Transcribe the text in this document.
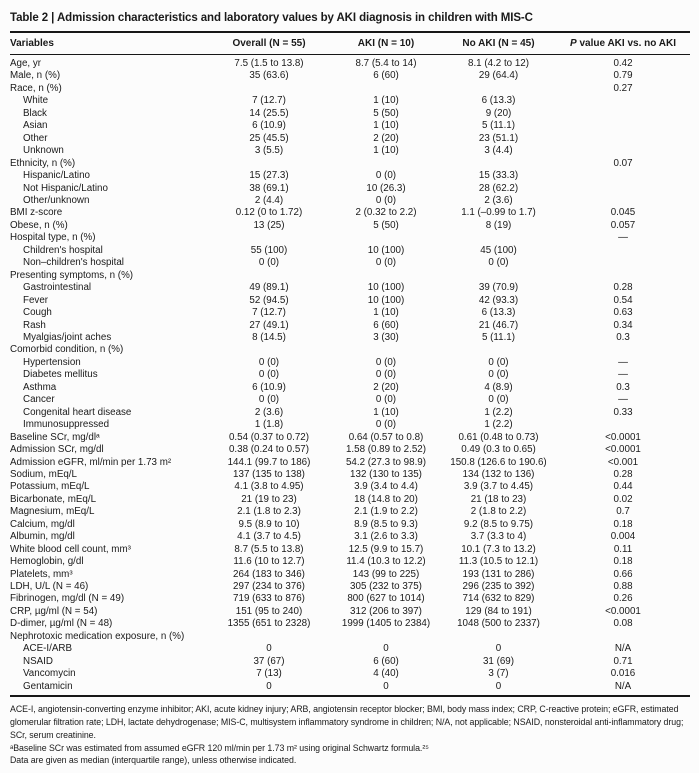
Table 2 | Admission characteristics and laboratory values by AKI diagnosis in children with MIS-C
Variables	Overall (N = 55)	AKI (N = 10)	No AKI (N = 45)	P value AKI vs. no AKI
Age, yr	7.5 (1.5 to 13.8)	8.7 (5.4 to 14)	8.1 (4.2 to 12)	0.42
Male, n (%)	35 (63.6)	6 (60)	29 (64.4)	0.79
Race, n (%)				0.27
White	7 (12.7)	1 (10)	6 (13.3)	
Black	14 (25.5)	5 (50)	9 (20)	
Asian	6 (10.9)	1 (10)	5 (11.1)	
Other	25 (45.5)	2 (20)	23 (51.1)	
Unknown	3 (5.5)	1 (10)	3 (4.4)	
Ethnicity, n (%)				0.07
Hispanic/Latino	15 (27.3)	0 (0)	15 (33.3)	
Not Hispanic/Latino	38 (69.1)	10 (26.3)	28 (62.2)	
Other/unknown	2 (4.4)	0 (0)	2 (3.6)	
BMI z-score	0.12 (0 to 1.72)	2 (0.32 to 2.2)	1.1 (–0.99 to 1.7)	0.045
Obese, n (%)	13 (25)	5 (50)	8 (19)	0.057
Hospital type, n (%)				—
Children's hospital	55 (100)	10 (100)	45 (100)	
Non–children's hospital	0 (0)	0 (0)	0 (0)	
Presenting symptoms, n (%)				
Gastrointestinal	49 (89.1)	10 (100)	39 (70.9)	0.28
Fever	52 (94.5)	10 (100)	42 (93.3)	0.54
Cough	7 (12.7)	1 (10)	6 (13.3)	0.63
Rash	27 (49.1)	6 (60)	21 (46.7)	0.34
Myalgias/joint aches	8 (14.5)	3 (30)	5 (11.1)	0.3
Comorbid condition, n (%)				
Hypertension	0 (0)	0 (0)	0 (0)	—
Diabetes mellitus	0 (0)	0 (0)	0 (0)	—
Asthma	6 (10.9)	2 (20)	4 (8.9)	0.3
Cancer	0 (0)	0 (0)	0 (0)	—
Congenital heart disease	2 (3.6)	1 (10)	1 (2.2)	0.33
Immunosuppressed	1 (1.8)	0 (0)	1 (2.2)	
Baseline SCr, mg/dlᵃ	0.54 (0.37 to 0.72)	0.64 (0.57 to 0.8)	0.61 (0.48 to 0.73)	<0.0001
Admission SCr, mg/dl	0.38 (0.24 to 0.57)	1.58 (0.89 to 2.52)	0.49 (0.3 to 0.65)	<0.0001
Admission eGFR, ml/min per 1.73 m²	144.1 (99.7 to 186)	54.2 (27.3 to 98.9)	150.8 (126.6 to 190.6)	<0.001
Sodium, mEq/L	137 (135 to 138)	132 (130 to 135)	134 (132 to 136)	0.28
Potassium, mEq/L	4.1 (3.8 to 4.95)	3.9 (3.4 to 4.4)	3.9 (3.7 to 4.45)	0.44
Bicarbonate, mEq/L	21 (19 to 23)	18 (14.8 to 20)	21 (18 to 23)	0.02
Magnesium, mEq/L	2.1 (1.8 to 2.3)	2.1 (1.9 to 2.2)	2 (1.8 to 2.2)	0.7
Calcium, mg/dl	9.5 (8.9 to 10)	8.9 (8.5 to 9.3)	9.2 (8.5 to 9.75)	0.18
Albumin, mg/dl	4.1 (3.7 to 4.5)	3.1 (2.6 to 3.3)	3.7 (3.3 to 4)	0.004
White blood cell count, mm³	8.7 (5.5 to 13.8)	12.5 (9.9 to 15.7)	10.1 (7.3 to 13.2)	0.11
Hemoglobin, g/dl	11.6 (10 to 12.7)	11.4 (10.3 to 12.2)	11.3 (10.5 to 12.1)	0.18
Platelets, mm³	264 (183 to 346)	143 (99 to 225)	193 (131 to 286)	0.66
LDH, U/L (N = 46)	297 (234 to 376)	305 (232 to 375)	296 (235 to 392)	0.88
Fibrinogen, mg/dl (N = 49)	719 (633 to 876)	800 (627 to 1014)	714 (632 to 829)	0.26
CRP, µg/ml (N = 54)	151 (95 to 240)	312 (206 to 397)	129 (84 to 191)	<0.0001
D-dimer, µg/ml (N = 48)	1355 (651 to 2328)	1999 (1405 to 2384)	1048 (500 to 2337)	0.08
Nephrotoxic medication exposure, n (%)				
ACE-I/ARB	0	0	0	N/A
NSAID	37 (67)	6 (60)	31 (69)	0.71
Vancomycin	7 (13)	4 (40)	3 (7)	0.016
Gentamicin	0	0	0	N/A
ACE-I, angiotensin-converting enzyme inhibitor; AKI, acute kidney injury; ARB, angiotensin receptor blocker; BMI, body mass index; CRP, C-reactive protein; eGFR, estimated glomerular filtration rate; LDH, lactate dehydrogenase; MIS-C, multisystem inflammatory syndrome in children; N/A, not applicable; NSAID, nonsteroidal anti-inflammatory drug; SCr, serum creatinine.
ᵃBaseline SCr was estimated from assumed eGFR 120 ml/min per 1.73 m² using original Schwartz formula.²⁵
Data are given as median (interquartile range), unless otherwise indicated.
